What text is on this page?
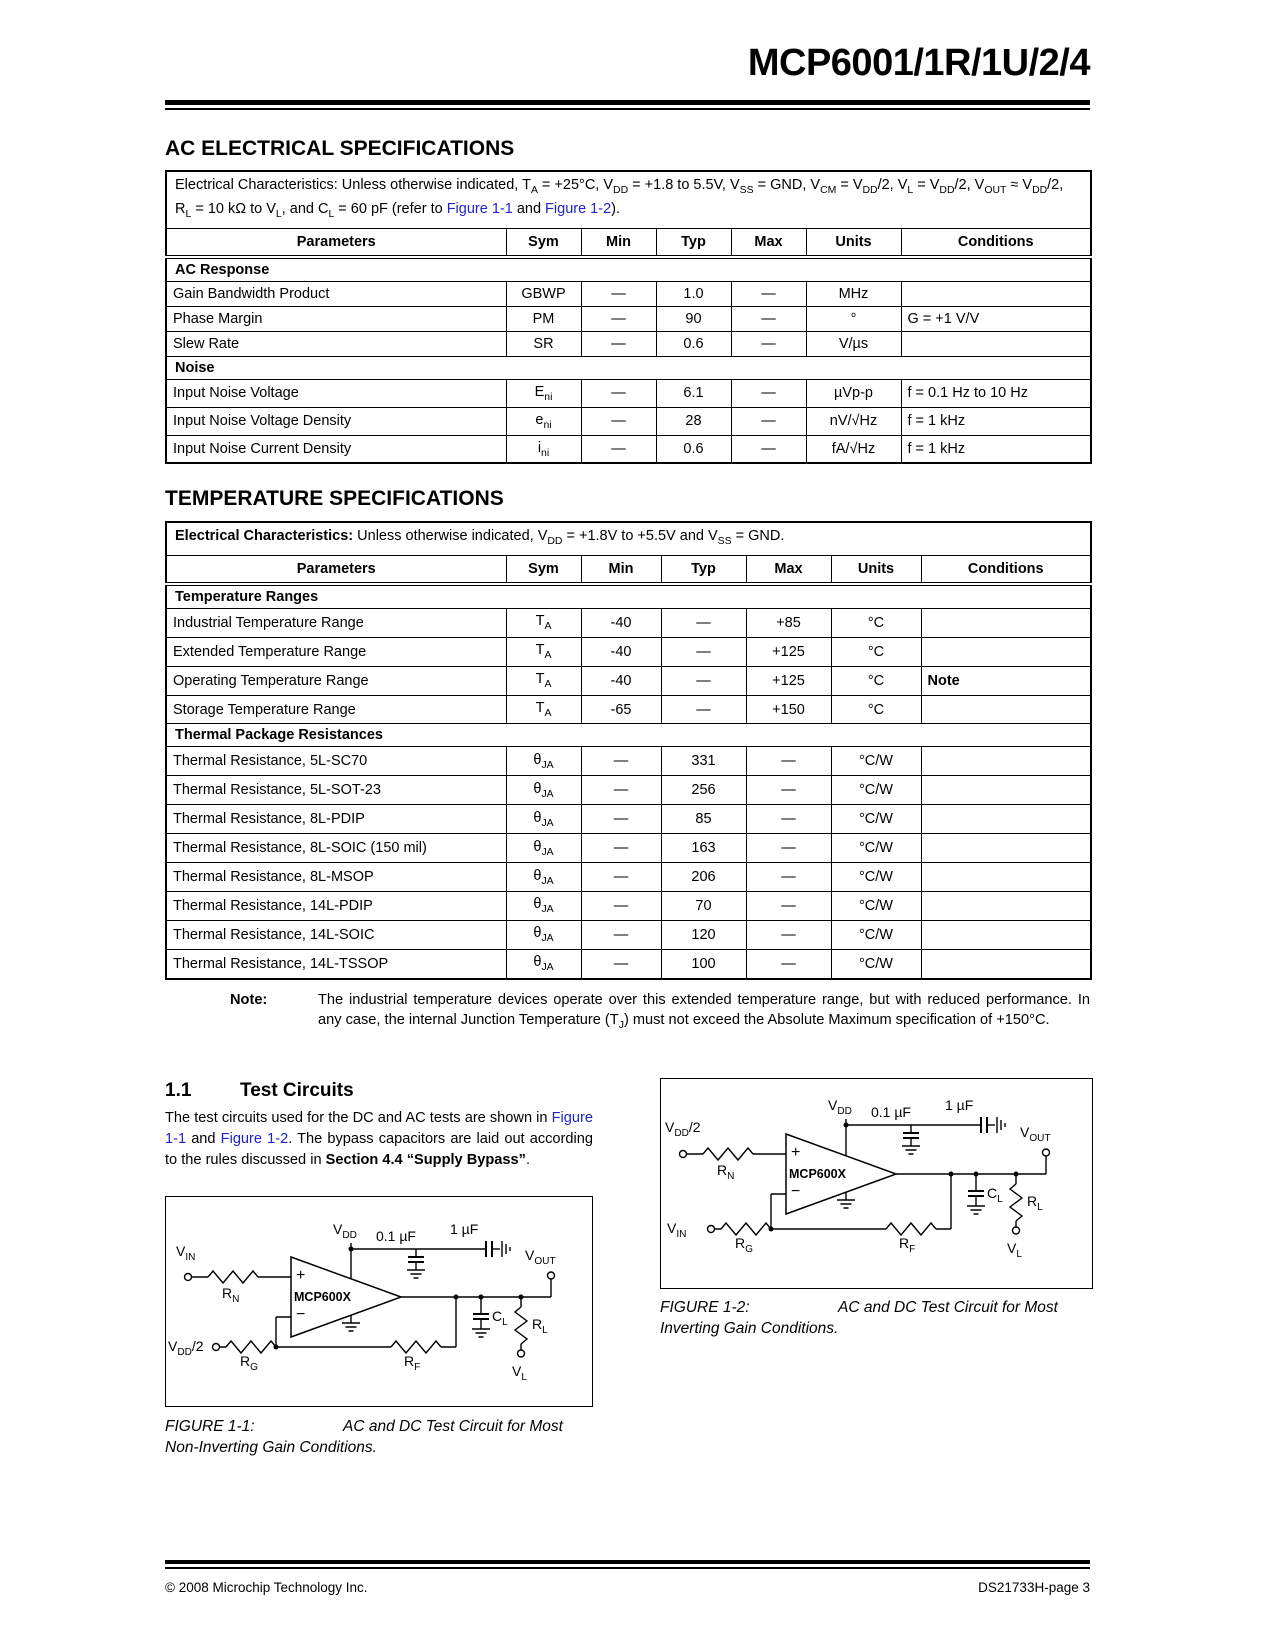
MCP6001/1R/1U/2/4
AC ELECTRICAL SPECIFICATIONS
Electrical Characteristics: Unless otherwise indicated, $T_A = +25^\circ C$, $V_{DD} = +1.8$ to 5.5V, $V_{SS}$ = GND, $V_{CM} = V_{DD}/2$, $V_L = V_{DD}/2$, $V_{OUT} \approx V_{DD}/2$, $R_L = 10$ kΩ to $V_L$, and $C_L = 60$ pF (refer to Figure 1-1 and Figure 1-2).						
Parameters	Sym	Min	Typ	Max	Units	Conditions
AC Response						
Gain Bandwidth Product	GBWP	—	1.0	—	MHz	
Phase Margin	PM	—	90	—	°	G = +1 V/V
Slew Rate	SR	—	0.6	—	V/µs	
Noise						
Input Noise Voltage	$E_{ni}$	—	6.1	—	µVp-p	f = 0.1 Hz to 10 Hz
Input Noise Voltage Density	$e_{ni}$	—	28	—	nV/√Hz	f = 1 kHz
Input Noise Current Density	$i_{ni}$	—	0.6	—	fA/√Hz	f = 1 kHz
TEMPERATURE SPECIFICATIONS
Electrical Characteristics: Unless otherwise indicated, $V_{DD} = +1.8V$ to +5.5V and $V_{SS}$ = GND.						
Parameters	Sym	Min	Typ	Max	Units	Conditions
Temperature Ranges						
Industrial Temperature Range	$T_A$	-40	—	+85	°C	
Extended Temperature Range	$T_A$	-40	—	+125	°C	
Operating Temperature Range	$T_A$	-40	—	+125	°C	Note
Storage Temperature Range	$T_A$	-65	—	+150	°C	
Thermal Package Resistances						
Thermal Resistance, 5L-SC70	$\theta_{JA}$	—	331	—	°C/W	
Thermal Resistance, 5L-SOT-23	$\theta_{JA}$	—	256	—	°C/W	
Thermal Resistance, 8L-PDIP	$\theta_{JA}$	—	85	—	°C/W	
Thermal Resistance, 8L-SOIC (150 mil)	$\theta_{JA}$	—	163	—	°C/W	
Thermal Resistance, 8L-MSOP	$\theta_{JA}$	—	206	—	°C/W	
Thermal Resistance, 14L-PDIP	$\theta_{JA}$	—	70	—	°C/W	
Thermal Resistance, 14L-SOIC	$\theta_{JA}$	—	120	—	°C/W	
Thermal Resistance, 14L-TSSOP	$\theta_{JA}$	—	100	—	°C/W	
Note:	The industrial temperature devices operate over this extended temperature range, but with reduced performance. In any case, the internal Junction Temperature $(T_J)$ must not exceed the Absolute Maximum specification of +150°C.
1.1	Test Circuits
The test circuits used for the DC and AC tests are shown in Figure 1-1 and Figure 1-2. The bypass capacitors are laid out according to the rules discussed in Section 4.4 “Supply Bypass”.
$V_{IN}$
$R_N$
$V_{DD}$ 0.1 µF 1 µF
+
−
MCP600X
$V_{OUT}$
$C_L$ $R_L$
$V_L$
$V_{DD}/2$
$R_G$	$R_F$
FIGURE 1-1:	AC and DC Test Circuit for Most Non-Inverting Gain Conditions.
$V_{DD}/2$
$R_N$
$V_{DD}$ 0.1 µF 1 µF
+
−
MCP600X
$V_{OUT}$
$C_L$ $R_L$
$V_L$
$V_{IN}$
$R_G$	$R_F$
FIGURE 1-2:	AC and DC Test Circuit for Most Inverting Gain Conditions.
© 2008 Microchip Technology Inc.	DS21733H-page 3
